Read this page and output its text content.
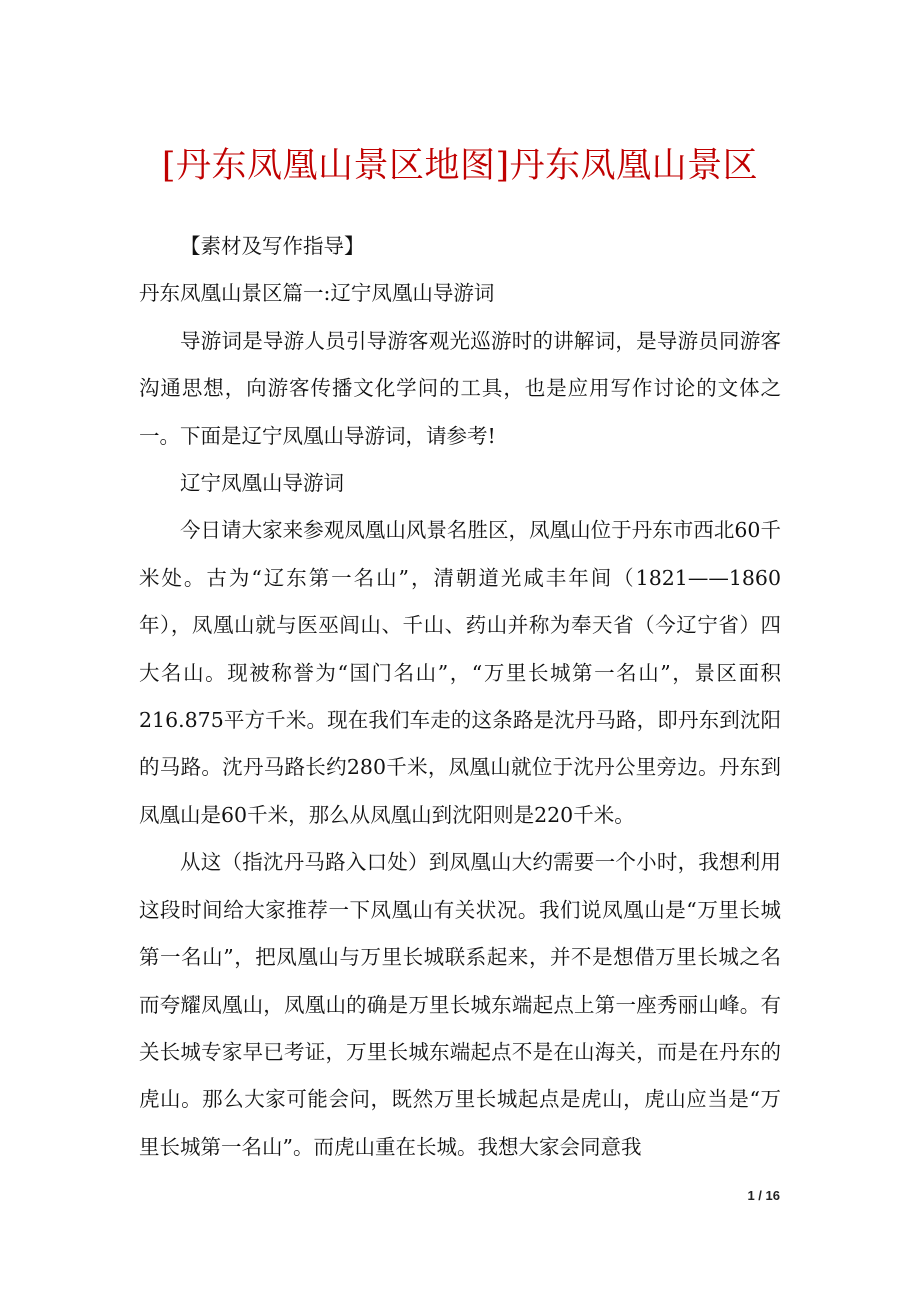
[丹东凤凰山景区地图]丹东凤凰山景区

【素材及写作指导】

丹东凤凰山景区篇一:辽宁凤凰山导游词

导游词是导游人员引导游客观光巡游时的讲解词，是导游员同游客沟通思想，向游客传播文化学问的工具，也是应用写作讨论的文体之一。下面是辽宁凤凰山导游词，请参考!

辽宁凤凰山导游词

今日请大家来参观凤凰山风景名胜区，凤凰山位于丹东市西北60千米处。古为“辽东第一名山”，清朝道光咸丰年间（1821——1860年），凤凰山就与医巫闾山、千山、药山并称为奉天省（今辽宁省）四大名山。现被称誉为“国门名山”，“万里长城第一名山”，景区面积216.875平方千米。现在我们车走的这条路是沈丹马路，即丹东到沈阳的马路。沈丹马路长约280千米，凤凰山就位于沈丹公里旁边。丹东到凤凰山是60千米，那么从凤凰山到沈阳则是220千米。

从这（指沈丹马路入口处）到凤凰山大约需要一个小时，我想利用这段时间给大家推荐一下凤凰山有关状况。我们说凤凰山是“万里长城第一名山”，把凤凰山与万里长城联系起来，并不是想借万里长城之名而夸耀凤凰山，凤凰山的确是万里长城东端起点上第一座秀丽山峰。有关长城专家早已考证，万里长城东端起点不是在山海关，而是在丹东的虎山。那么大家可能会问，既然万里长城起点是虎山，虎山应当是“万里长城第一名山”。而虎山重在长城。我想大家会同意我

1 / 16
